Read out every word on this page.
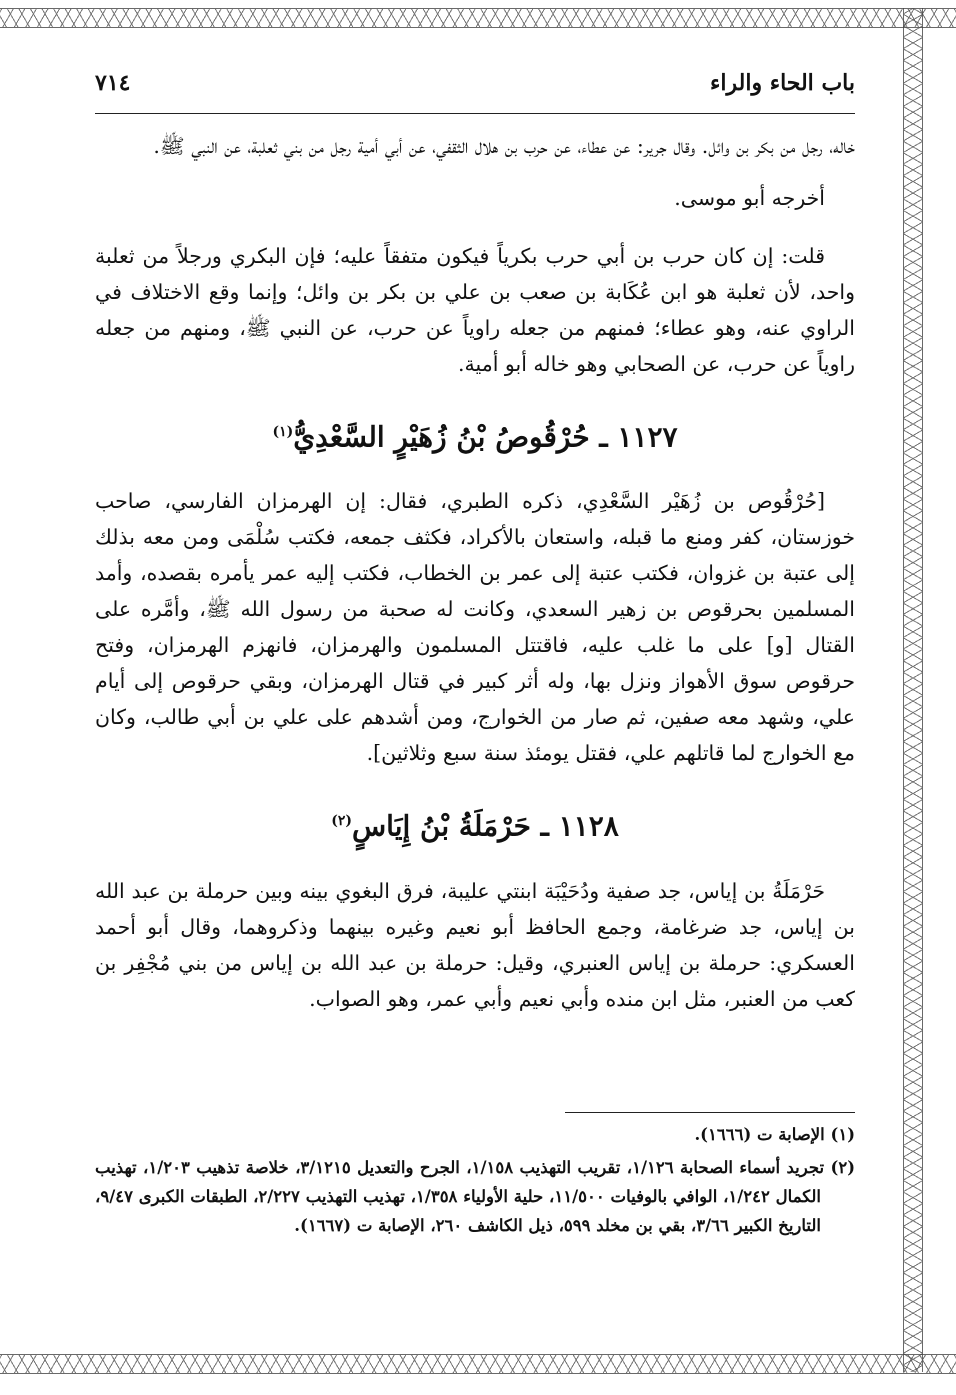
باب الحاء والراء
٧١٤

خاله، رجل من بكر بن وائل. وقال جرير: عن عطاء، عن حرب بن هلال الثقفي، عن أبي أمية رجل من بني ثعلبة، عن النبي ﷺ.

أخرجه أبو موسى.

قلت: إن كان حرب بن أبي حرب بكرياً فيكون متفقاً عليه؛ فإن البكري ورجلاً من ثعلبة واحد، لأن ثعلبة هو ابن عُكَابة بن صعب بن علي بن بكر بن وائل؛ وإنما وقع الاختلاف في الراوي عنه، وهو عطاء؛ فمنهم من جعله راوياً عن حرب، عن النبي ﷺ، ومنهم من جعله راوياً عن حرب، عن الصحابي وهو خاله أبو أمية.

١١٢٧ ـ حُرْقُوصُ بْنُ زُهَيْرٍ السَّعْدِيُّ$^{(١)}$

[حُرْقُوص بن زُهَيْر السَّعْدِي، ذكره الطبري، فقال: إن الهرمزان الفارسي، صاحب خوزستان، كفر ومنع ما قبله، واستعان بالأكراد، فكثف جمعه، فكتب سُلْمَى ومن معه بذلك إلى عتبة بن غزوان، فكتب عتبة إلى عمر بن الخطاب، فكتب إليه عمر يأمره بقصده، وأمد المسلمين بحرقوص بن زهير السعدي، وكانت له صحبة من رسول الله ﷺ، وأمَّره على القتال [و] على ما غلب عليه، فاقتتل المسلمون والهرمزان، فانهزم الهرمزان، وفتح حرقوص سوق الأهواز ونزل بها، وله أثر كبير في قتال الهرمزان، وبقي حرقوص إلى أيام علي، وشهد معه صفين، ثم صار من الخوارج، ومن أشدهم على علي بن أبي طالب، وكان مع الخوارج لما قاتلهم علي، فقتل يومئذ سنة سبع وثلاثين].

١١٢٨ ـ حَرْمَلَةُ بْنُ إِيَاسٍ$^{(٢)}$

حَرْمَلَةُ بن إياس، جد صفية ودُحَيْبَة ابنتي عليبة، فرق البغوي بينه وبين حرملة بن عبد الله بن إياس، جد ضرغامة، وجمع الحافظ أبو نعيم وغيره بينهما وذكروهما، وقال أبو أحمد العسكري: حرملة بن إياس العنبري، وقيل: حرملة بن عبد الله بن إياس من بني مُجْفِر بن كعب من العنبر، مثل ابن منده وأبي نعيم وأبي عمر، وهو الصواب.

(١) الإصابة ت (١٦٦٦).

(٢) تجريد أسماء الصحابة ١/١٢٦، تقريب التهذيب ١/١٥٨، الجرح والتعديل ٣/١٢١٥، خلاصة تذهيب ١/٢٠٣، تهذيب الكمال ١/٢٤٢، الوافي بالوفيات ١١/٥٠٠، حلية الأولياء ١/٣٥٨، تهذيب التهذيب ٢/٢٢٧، الطبقات الكبرى ٩/٤٧، التاريخ الكبير ٣/٦٦، بقي بن مخلد ٥٩٩، ذيل الكاشف ٢٦٠، الإصابة ت (١٦٦٧).
